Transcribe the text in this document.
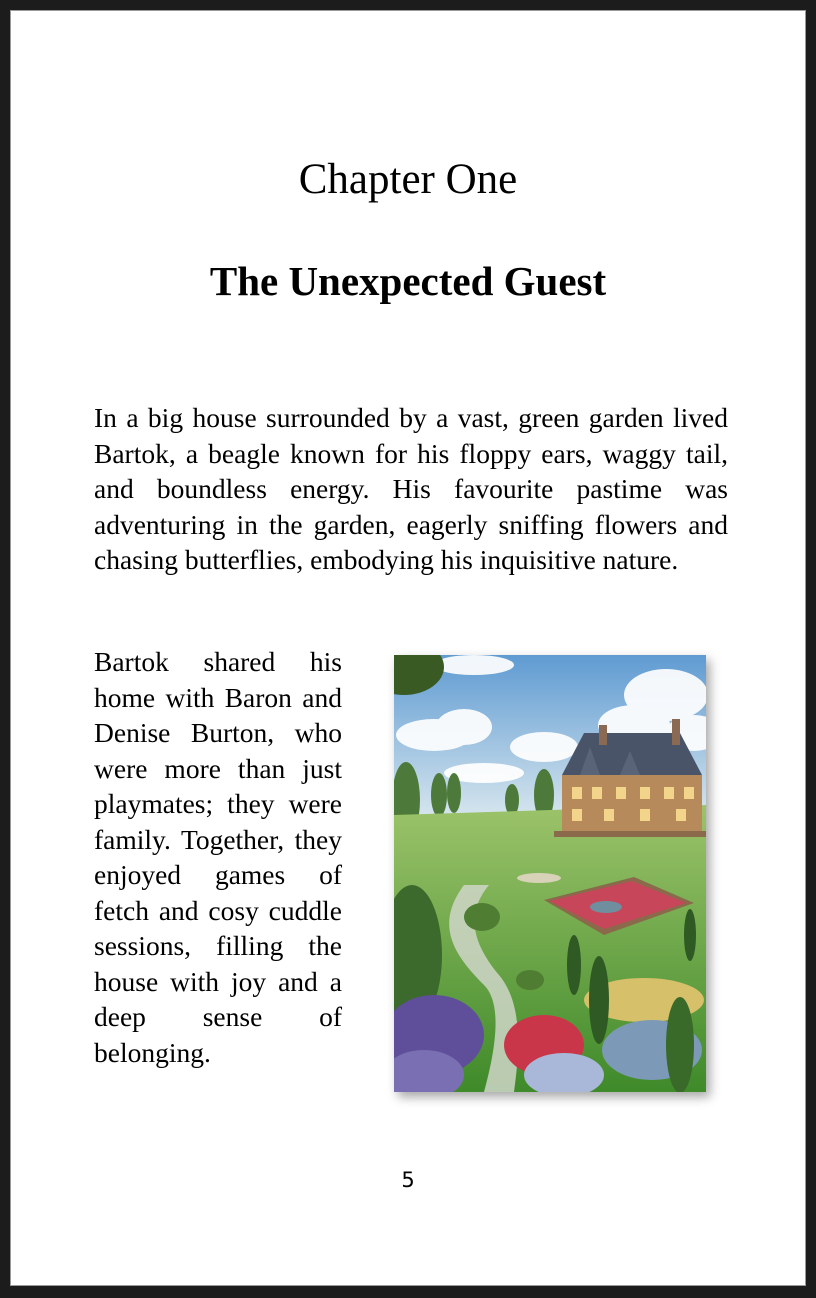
Chapter One
The Unexpected Guest

In a big house surrounded by a vast, green garden lived Bartok, a beagle known for his floppy ears, waggy tail, and boundless energy. His favourite pastime was adventuring in the garden, eagerly sniffing flowers and chasing butterflies, embodying his inquisitive nature.

Bartok shared his home with Baron and Denise Burton, who were more than just playmates; they were family. Together, they enjoyed games of fetch and cosy cuddle sessions, filling the house with joy and a deep sense of belonging.

5
